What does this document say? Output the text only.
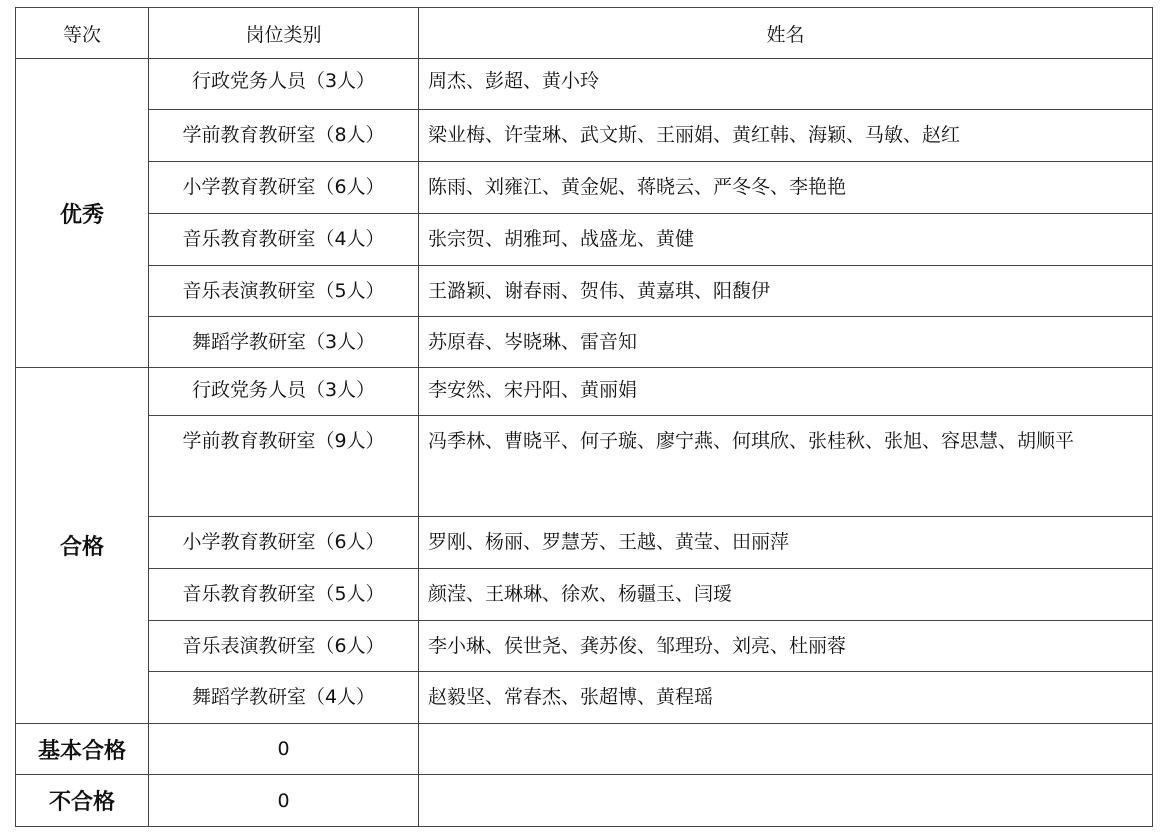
等次	岗位类别	姓名
优秀	行政党务人员（3人）	周杰、彭超、黄小玲

	学前教育教研室（8人）	梁业梅、许莹琳、武文斯、王丽娟、黄红韩、海颖、马敏、赵红

	小学教育教研室（6人）	陈雨、刘雍江、黄金妮、蒋晓云、严冬冬、李艳艳

	音乐教育教研室（4人）	张宗贺、胡雅珂、战盛龙、黄健

	音乐表演教研室（5人）	王潞颖、谢春雨、贺伟、黄嘉琪、阳馥伊

	舞蹈学教研室（3人）	苏原春、岑晓琳、雷音知

合格	行政党务人员（3人）	李安然、宋丹阳、黄丽娟

	学前教育教研室（9人）	冯季林、曹晓平、何子璇、廖宁燕、何琪欣、张桂秋、张旭、容思慧、胡顺平

	小学教育教研室（6人）	罗刚、杨丽、罗慧芳、王越、黄莹、田丽萍

	音乐教育教研室（5人）	颜滢、王琳琳、徐欢、杨疆玉、闫瑷

	音乐表演教研室（6人）	李小琳、侯世尧、龚苏俊、邹理玢、刘亮、杜丽蓉

	舞蹈学教研室（4人）	赵毅坚、常春杰、张超博、黄程瑶

基本合格	0	
不合格	0	
